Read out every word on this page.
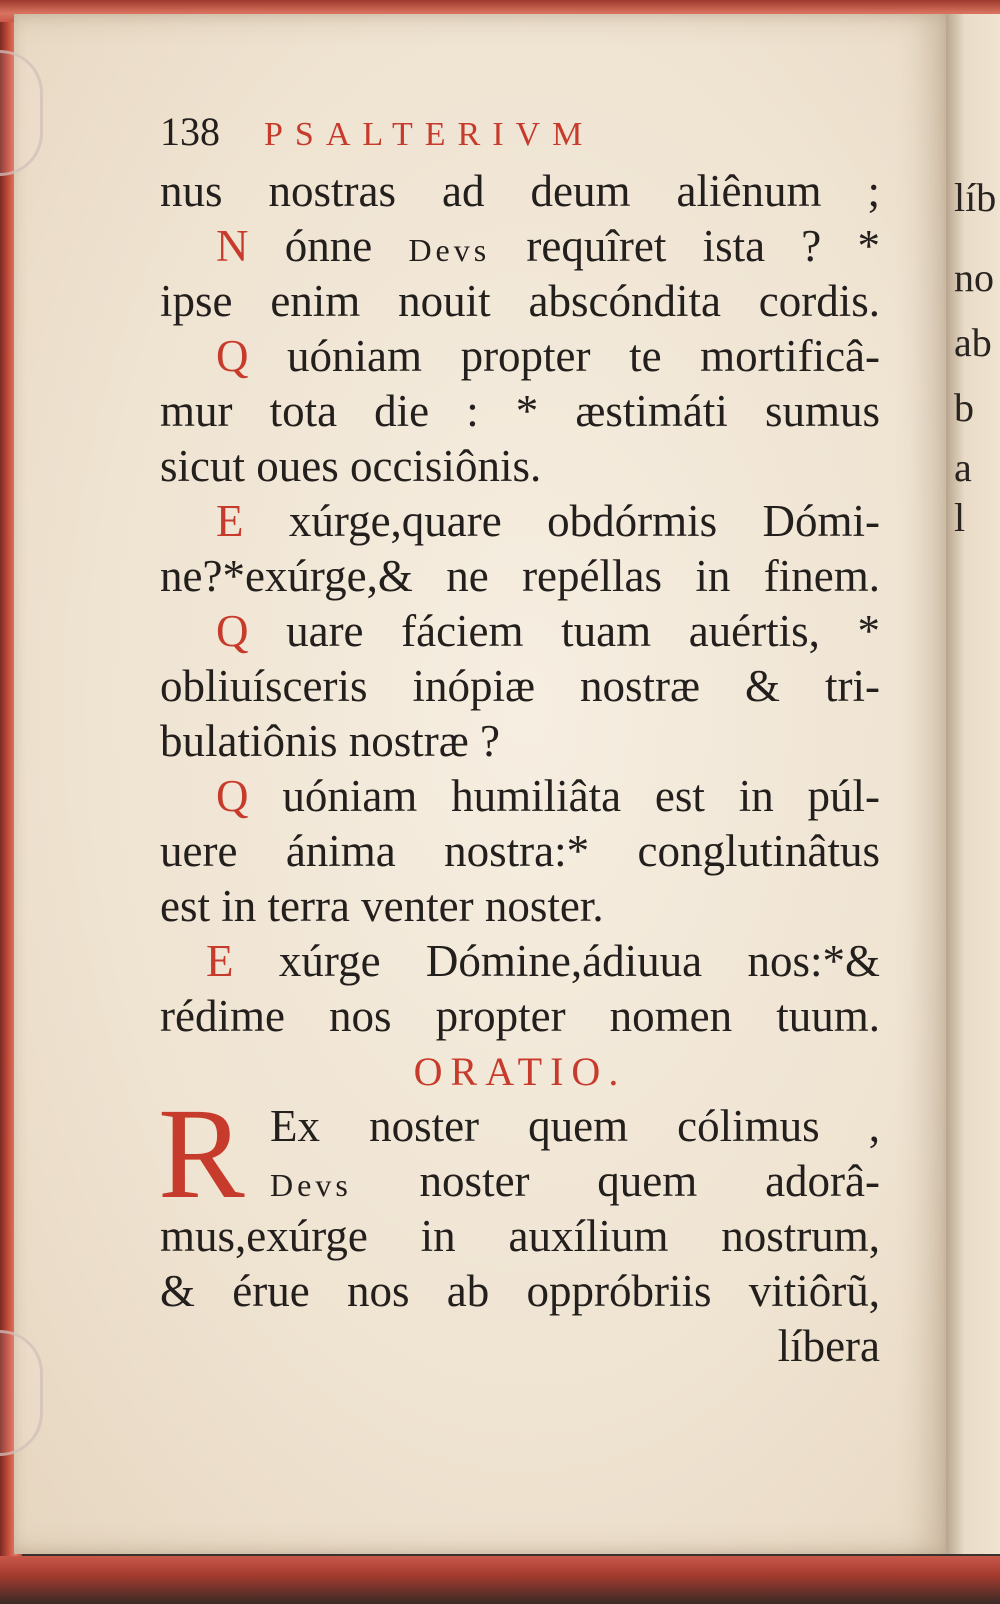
138 PSALTERIVM
nus nostras ad deum aliênum ;
N ónne Devs requîret ista ? *
ipse enim nouit abscóndita cordis.
Q uóniam propter te mortificâ-
mur tota die : * æstimáti sumus
sicut oues occisiônis.
E xúrge,quare obdórmis Dómi-
ne?*exúrge,& ne repéllas in finem.
Q uare fáciem tuam auértis, *
obliuísceris inópiæ nostræ & tri-
bulatiônis nostræ ?
Q uóniam humiliâta est in púl-
uere ánima nostra:* conglutinâtus
est in terra venter noster.
E xúrge Dómine,ádiuua nos:*&
rédime nos propter nomen tuum.
ORATIO.
R Ex noster quem cólimus ,
Devs noster quem adorâ-
mus,exúrge in auxílium nostrum,
& érue nos ab oppróbriis vitiôrũ,
líbera
líb
no
ab
b
a
l
